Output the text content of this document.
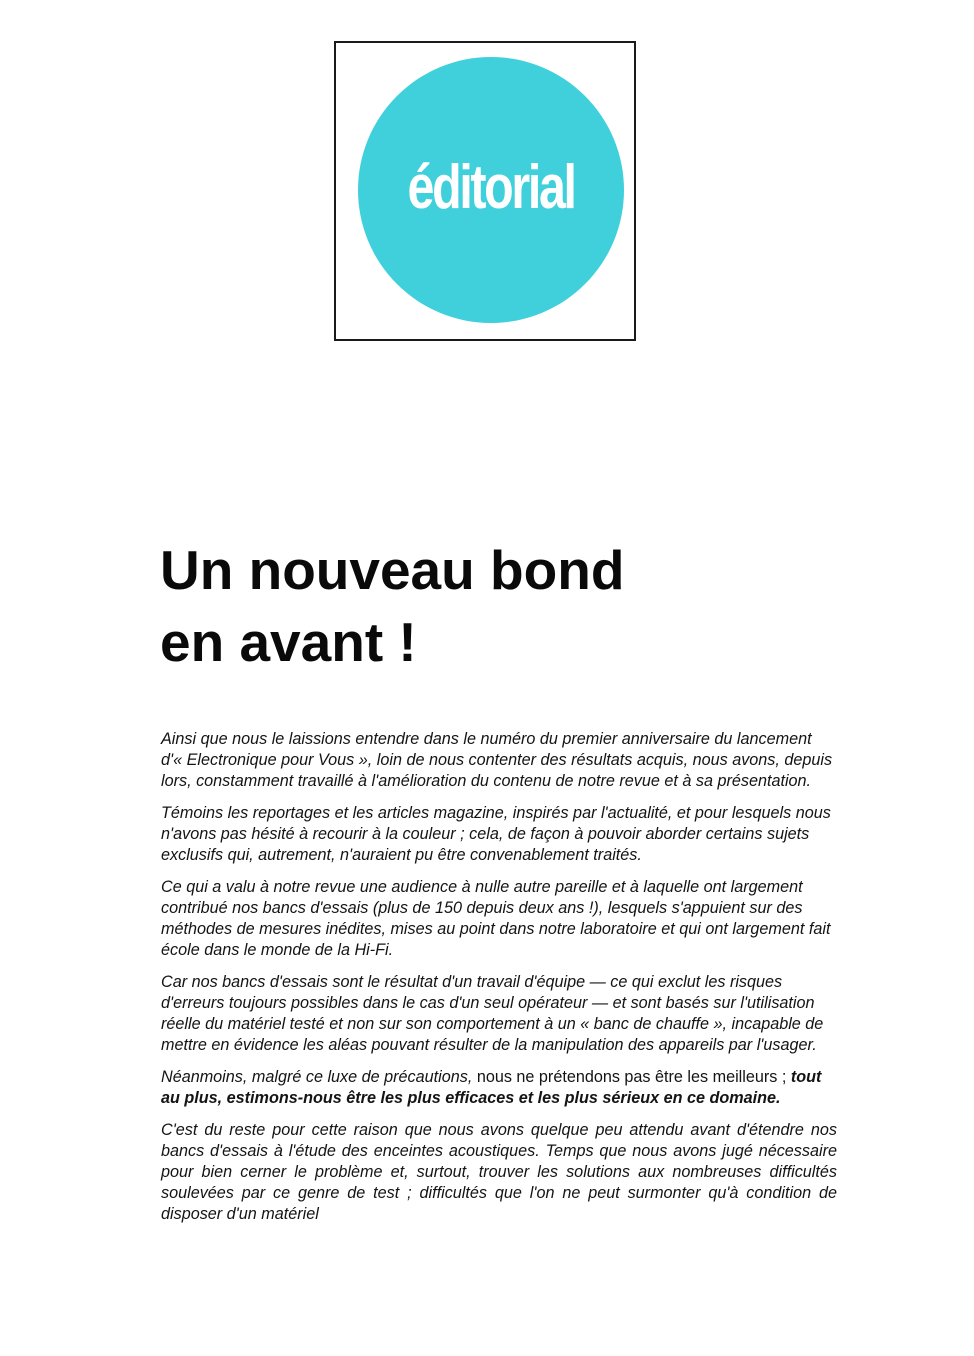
éditorial
Un nouveau bond
en avant !

Ainsi que nous le laissions entendre dans le numéro du premier anniversaire du lancement d'« Electronique pour Vous », loin de nous contenter des résultats acquis, nous avons, depuis lors, constamment travaillé à l'amélioration du contenu de notre revue et à sa présentation.

Témoins les reportages et les articles magazine, inspirés par l'actualité, et pour lesquels nous n'avons pas hésité à recourir à la couleur ; cela, de façon à pouvoir aborder certains sujets exclusifs qui, autrement, n'auraient pu être convenablement traités.

Ce qui a valu à notre revue une audience à nulle autre pareille et à laquelle ont largement contribué nos bancs d'essais (plus de 150 depuis deux ans !), lesquels s'appuient sur des méthodes de mesures inédites, mises au point dans notre laboratoire et qui ont largement fait école dans le monde de la Hi-Fi.

Car nos bancs d'essais sont le résultat d'un travail d'équipe — ce qui exclut les risques d'erreurs toujours possibles dans le cas d'un seul opérateur — et sont basés sur l'utilisation réelle du matériel testé et non sur son comportement à un « banc de chauffe », incapable de mettre en évidence les aléas pouvant résulter de la manipulation des appareils par l'usager.

Néanmoins, malgré ce luxe de précautions, nous ne prétendons pas être les meilleurs ; tout au plus, estimons-nous être les plus efficaces et les plus sérieux en ce domaine.

C'est du reste pour cette raison que nous avons quelque peu attendu avant d'étendre nos bancs d'essais à l'étude des enceintes acoustiques. Temps que nous avons jugé nécessaire pour bien cerner le problème et, surtout, trouver les solutions aux nombreuses difficultés soulevées par ce genre de test ; difficultés que l'on ne peut surmonter qu'à condition de disposer d'un matériel
